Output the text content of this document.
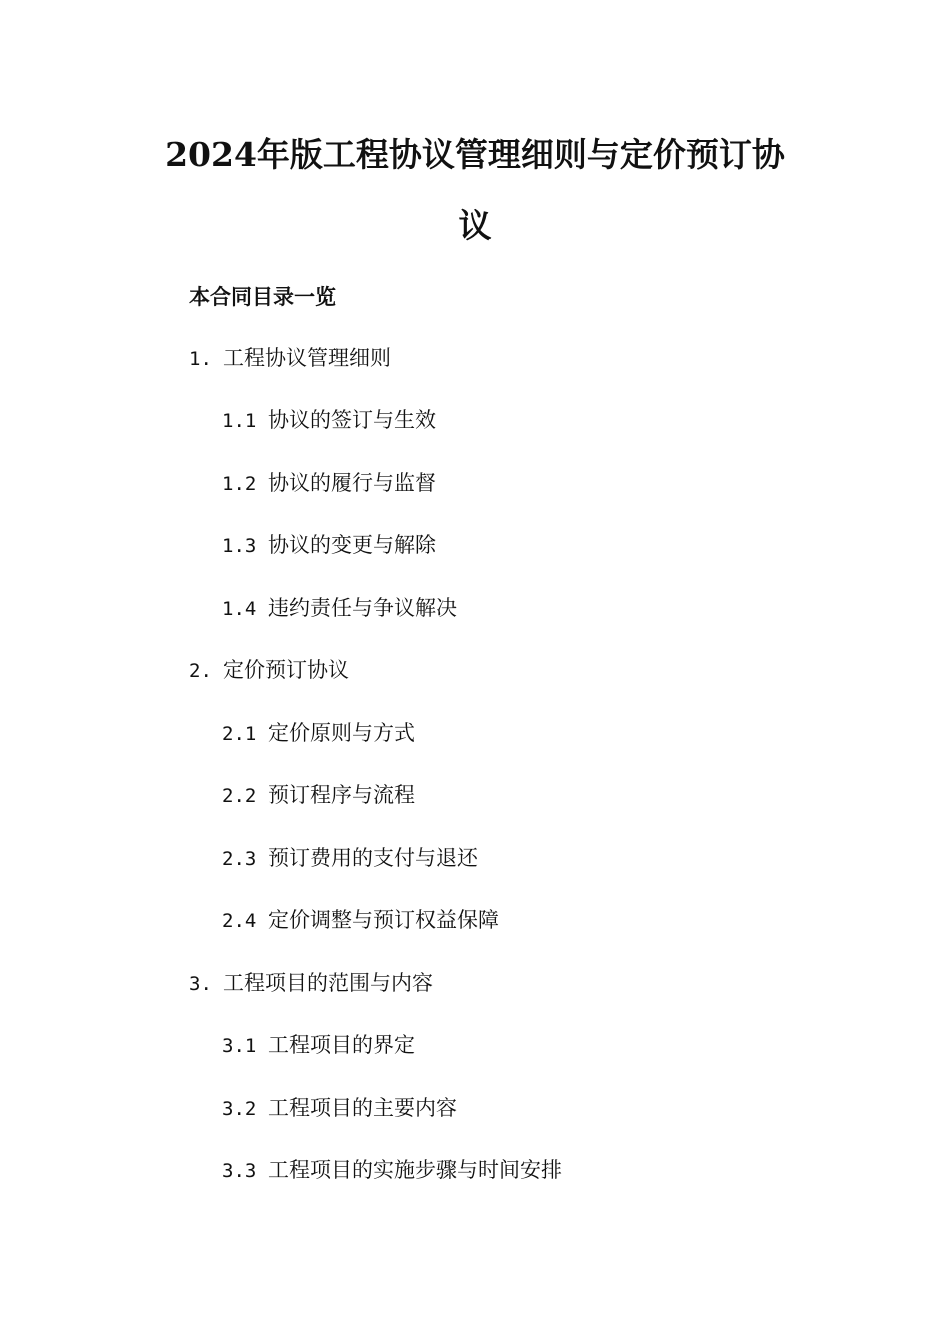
2024年版工程协议管理细则与定价预订协
议

本合同目录一览

1. 工程协议管理细则

1.1 协议的签订与生效

1.2 协议的履行与监督

1.3 协议的变更与解除

1.4 违约责任与争议解决

2. 定价预订协议

2.1 定价原则与方式

2.2 预订程序与流程

2.3 预订费用的支付与退还

2.4 定价调整与预订权益保障

3. 工程项目的范围与内容

3.1 工程项目的界定

3.2 工程项目的主要内容

3.3 工程项目的实施步骤与时间安排
